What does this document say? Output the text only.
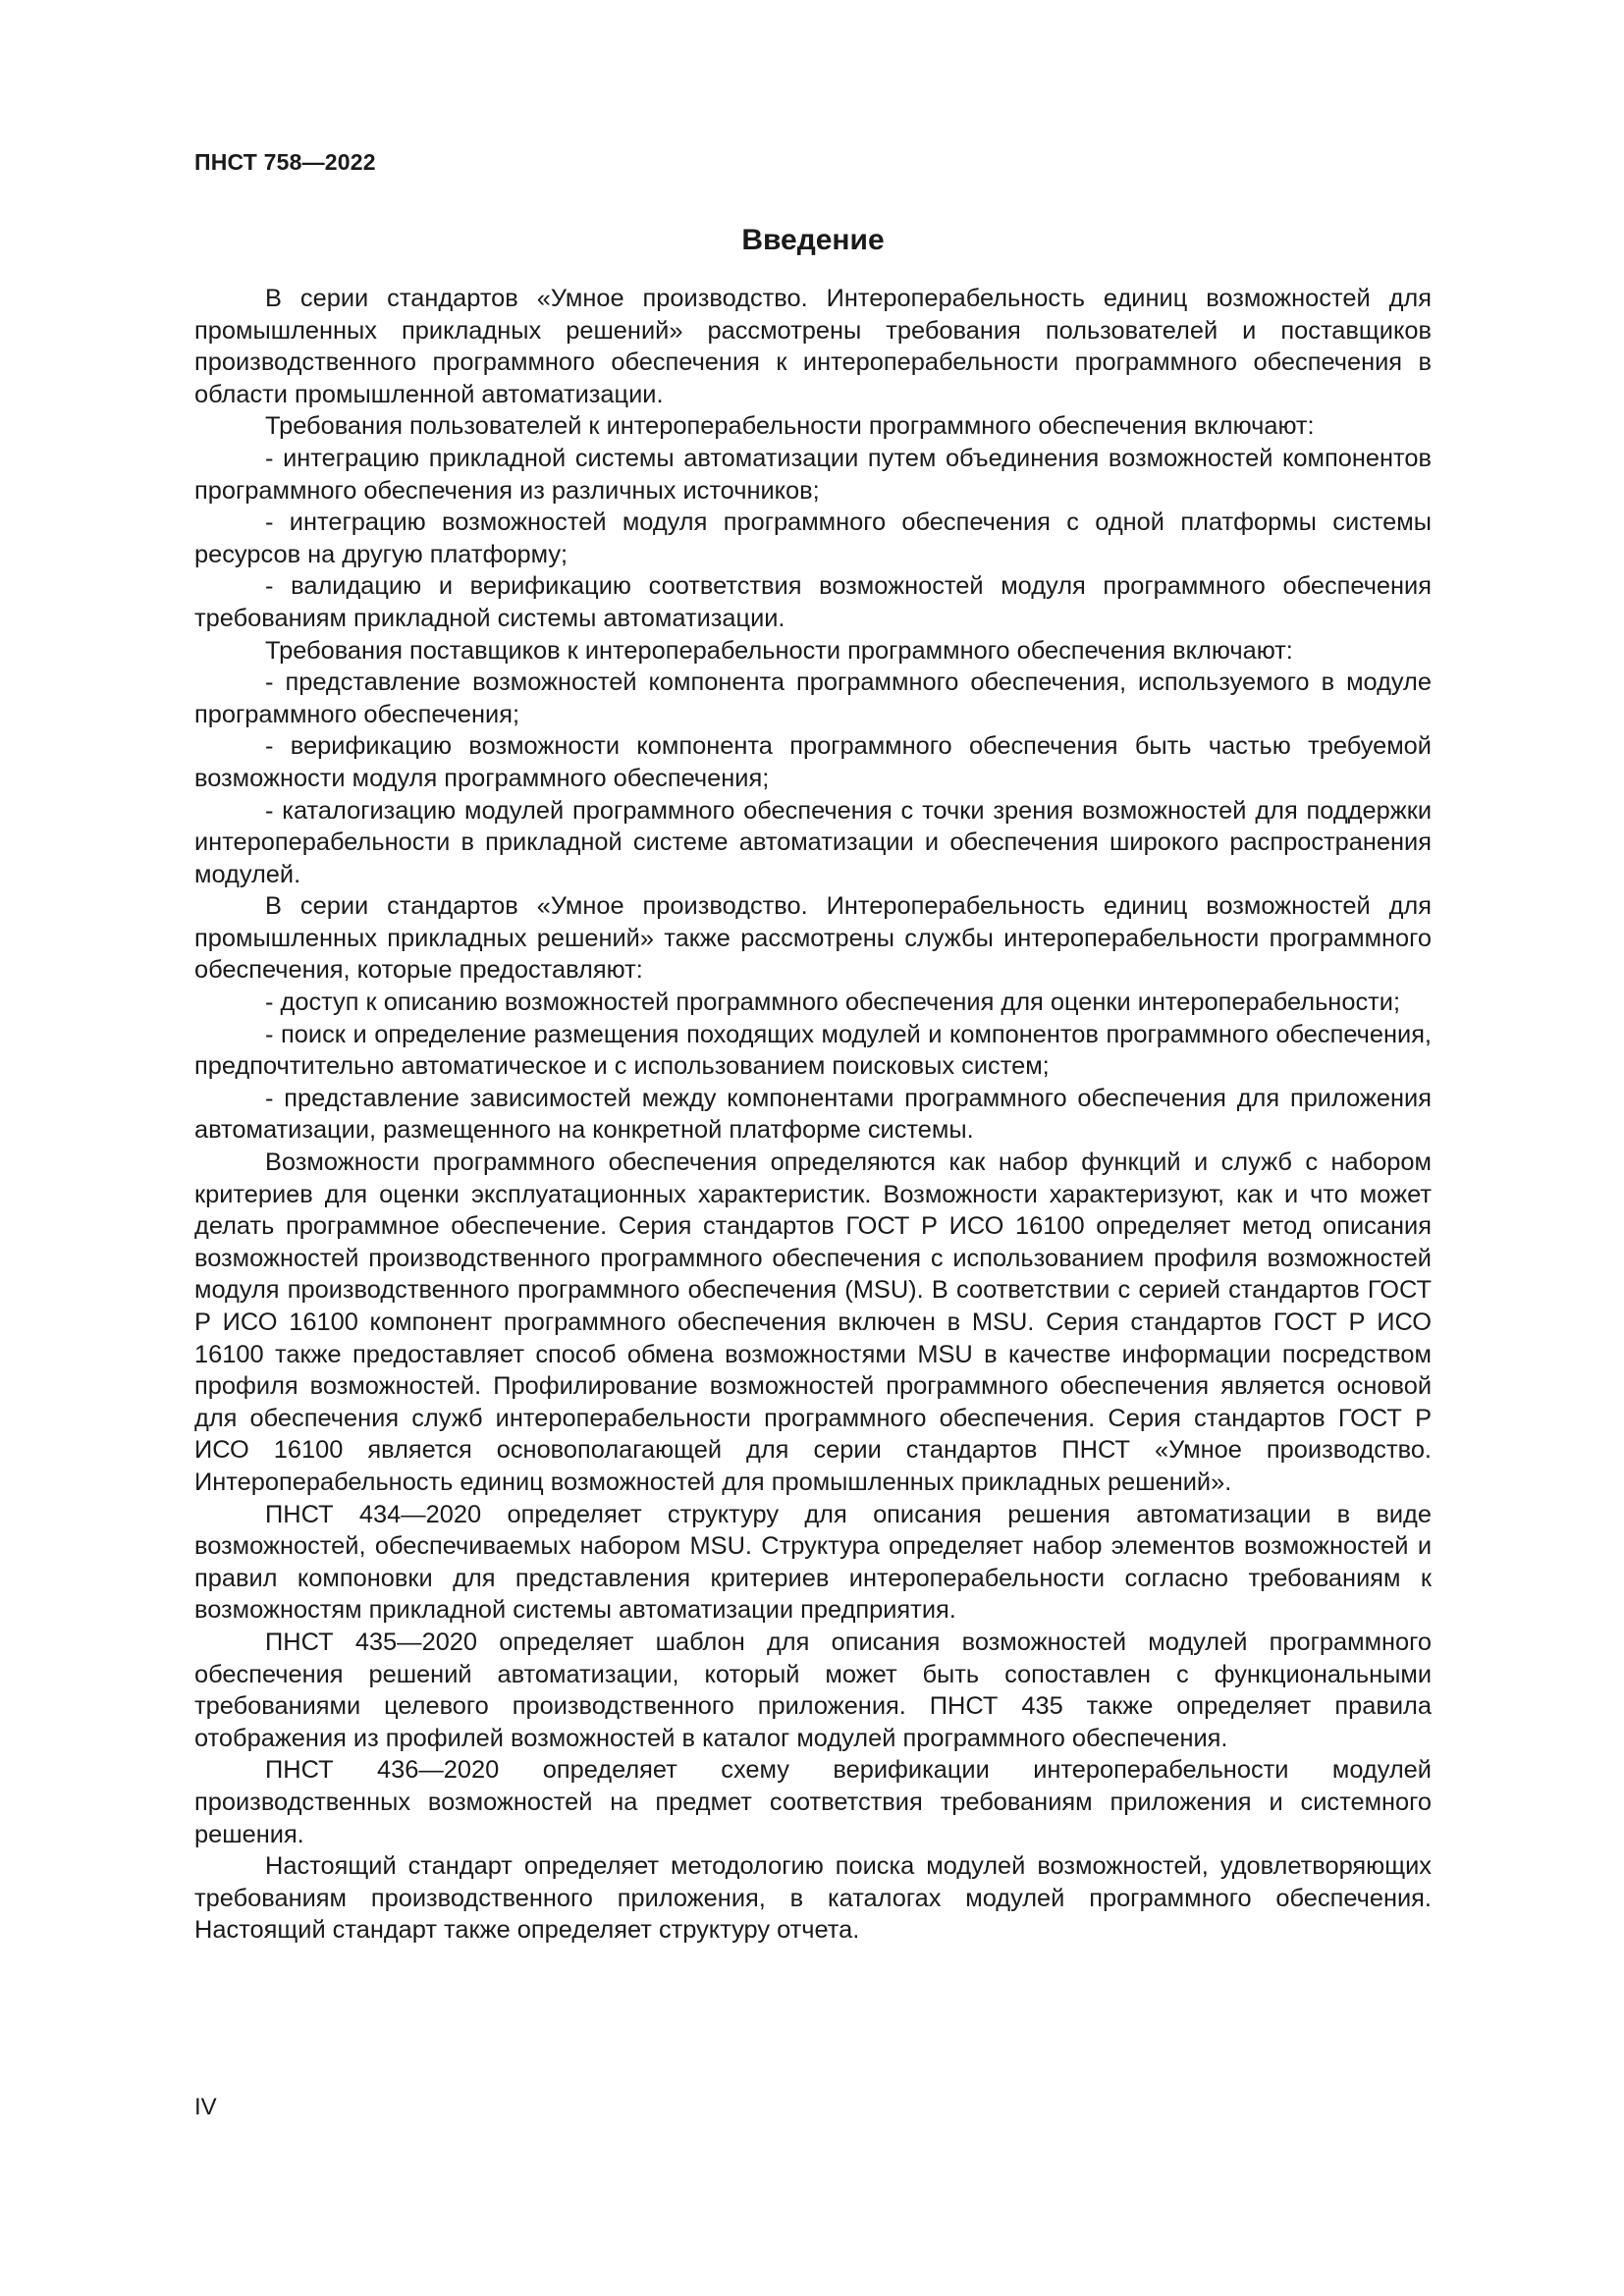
ПНСТ 758—2022
Введение

В серии стандартов «Умное производство. Интероперабельность единиц возможностей для промышленных прикладных решений» рассмотрены требования пользователей и поставщиков производственного программного обеспечения к интероперабельности программного обеспечения в области промышленной автоматизации.

Требования пользователей к интероперабельности программного обеспечения включают:

- интеграцию прикладной системы автоматизации путем объединения возможностей компонентов программного обеспечения из различных источников;

- интеграцию возможностей модуля программного обеспечения с одной платформы системы ресурсов на другую платформу;

- валидацию и верификацию соответствия возможностей модуля программного обеспечения требованиям прикладной системы автоматизации.

Требования поставщиков к интероперабельности программного обеспечения включают:

- представление возможностей компонента программного обеспечения, используемого в модуле программного обеспечения;

- верификацию возможности компонента программного обеспечения быть частью требуемой возможности модуля программного обеспечения;

- каталогизацию модулей программного обеспечения с точки зрения возможностей для поддержки интероперабельности в прикладной системе автоматизации и обеспечения широкого распространения модулей.

В серии стандартов «Умное производство. Интероперабельность единиц возможностей для промышленных прикладных решений» также рассмотрены службы интероперабельности программного обеспечения, которые предоставляют:

- доступ к описанию возможностей программного обеспечения для оценки интероперабельности;

- поиск и определение размещения походящих модулей и компонентов программного обеспечения, предпочтительно автоматическое и с использованием поисковых систем;

- представление зависимостей между компонентами программного обеспечения для приложения автоматизации, размещенного на конкретной платформе системы.

Возможности программного обеспечения определяются как набор функций и служб с набором критериев для оценки эксплуатационных характеристик. Возможности характеризуют, как и что может делать программное обеспечение. Серия стандартов ГОСТ Р ИСО 16100 определяет метод описания возможностей производственного программного обеспечения с использованием профиля возможностей модуля производственного программного обеспечения (MSU). В соответствии с серией стандартов ГОСТ Р ИСО 16100 компонент программного обеспечения включен в MSU. Серия стандартов ГОСТ Р ИСО 16100 также предоставляет способ обмена возможностями MSU в качестве информации посредством профиля возможностей. Профилирование возможностей программного обеспечения является основой для обеспечения служб интероперабельности программного обеспечения. Серия стандартов ГОСТ Р ИСО 16100 является основополагающей для серии стандартов ПНСТ «Умное производство. Интероперабельность единиц возможностей для промышленных прикладных решений».

ПНСТ 434—2020 определяет структуру для описания решения автоматизации в виде возможностей, обеспечиваемых набором MSU. Структура определяет набор элементов возможностей и правил компоновки для представления критериев интероперабельности согласно требованиям к возможностям прикладной системы автоматизации предприятия.

ПНСТ 435—2020 определяет шаблон для описания возможностей модулей программного обеспечения решений автоматизации, который может быть сопоставлен с функциональными требованиями целевого производственного приложения. ПНСТ 435 также определяет правила отображения из профилей возможностей в каталог модулей программного обеспечения.

ПНСТ 436—2020 определяет схему верификации интероперабельности модулей производственных возможностей на предмет соответствия требованиям приложения и системного решения.

Настоящий стандарт определяет методологию поиска модулей возможностей, удовлетворяющих требованиям производственного приложения, в каталогах модулей программного обеспечения. Настоящий стандарт также определяет структуру отчета.

IV
